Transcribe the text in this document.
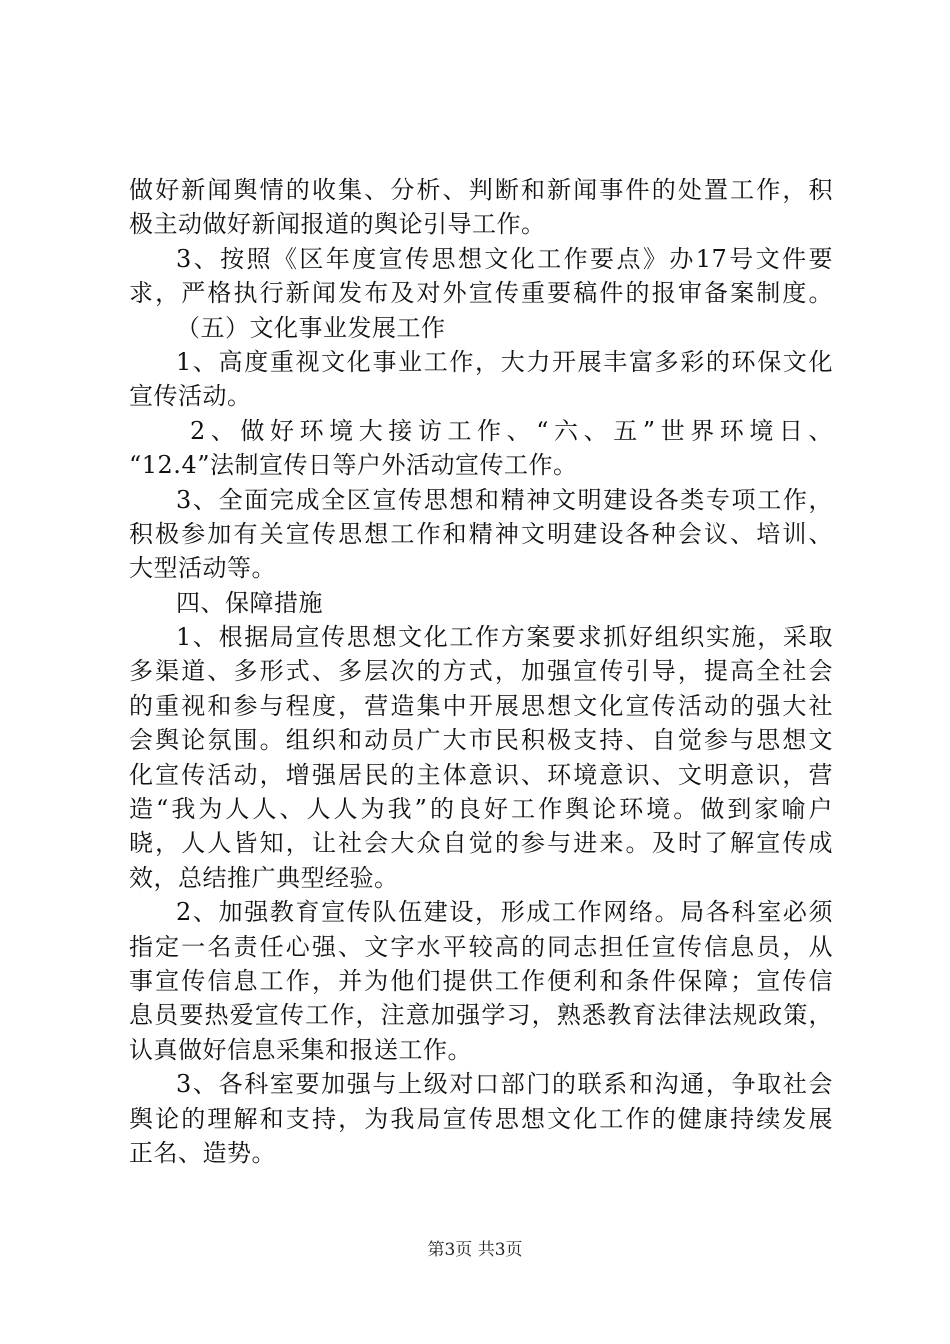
做好新闻舆情的收集、分析、判断和新闻事件的处置工作，积
极主动做好新闻报道的舆论引导工作。
3、按照《区年度宣传思想文化工作要点》办17号文件要
求，严格执行新闻发布及对外宣传重要稿件的报审备案制度。
（五）文化事业发展工作
1、高度重视文化事业工作，大力开展丰富多彩的环保文化
宣传活动。
2、做好环境大接访工作、“六、五”世界环境日、
“12.4”法制宣传日等户外活动宣传工作。
3、全面完成全区宣传思想和精神文明建设各类专项工作，
积极参加有关宣传思想工作和精神文明建设各种会议、培训、
大型活动等。
四、保障措施
1、根据局宣传思想文化工作方案要求抓好组织实施，采取
多渠道、多形式、多层次的方式，加强宣传引导，提高全社会
的重视和参与程度，营造集中开展思想文化宣传活动的强大社
会舆论氛围。组织和动员广大市民积极支持、自觉参与思想文
化宣传活动，增强居民的主体意识、环境意识、文明意识，营
造“我为人人、人人为我”的良好工作舆论环境。做到家喻户
晓，人人皆知，让社会大众自觉的参与进来。及时了解宣传成
效，总结推广典型经验。
2、加强教育宣传队伍建设，形成工作网络。局各科室必须
指定一名责任心强、文字水平较高的同志担任宣传信息员，从
事宣传信息工作，并为他们提供工作便利和条件保障；宣传信
息员要热爱宣传工作，注意加强学习，熟悉教育法律法规政策，
认真做好信息采集和报送工作。
3、各科室要加强与上级对口部门的联系和沟通，争取社会
舆论的理解和支持，为我局宣传思想文化工作的健康持续发展
正名、造势。
第3页 共3页
